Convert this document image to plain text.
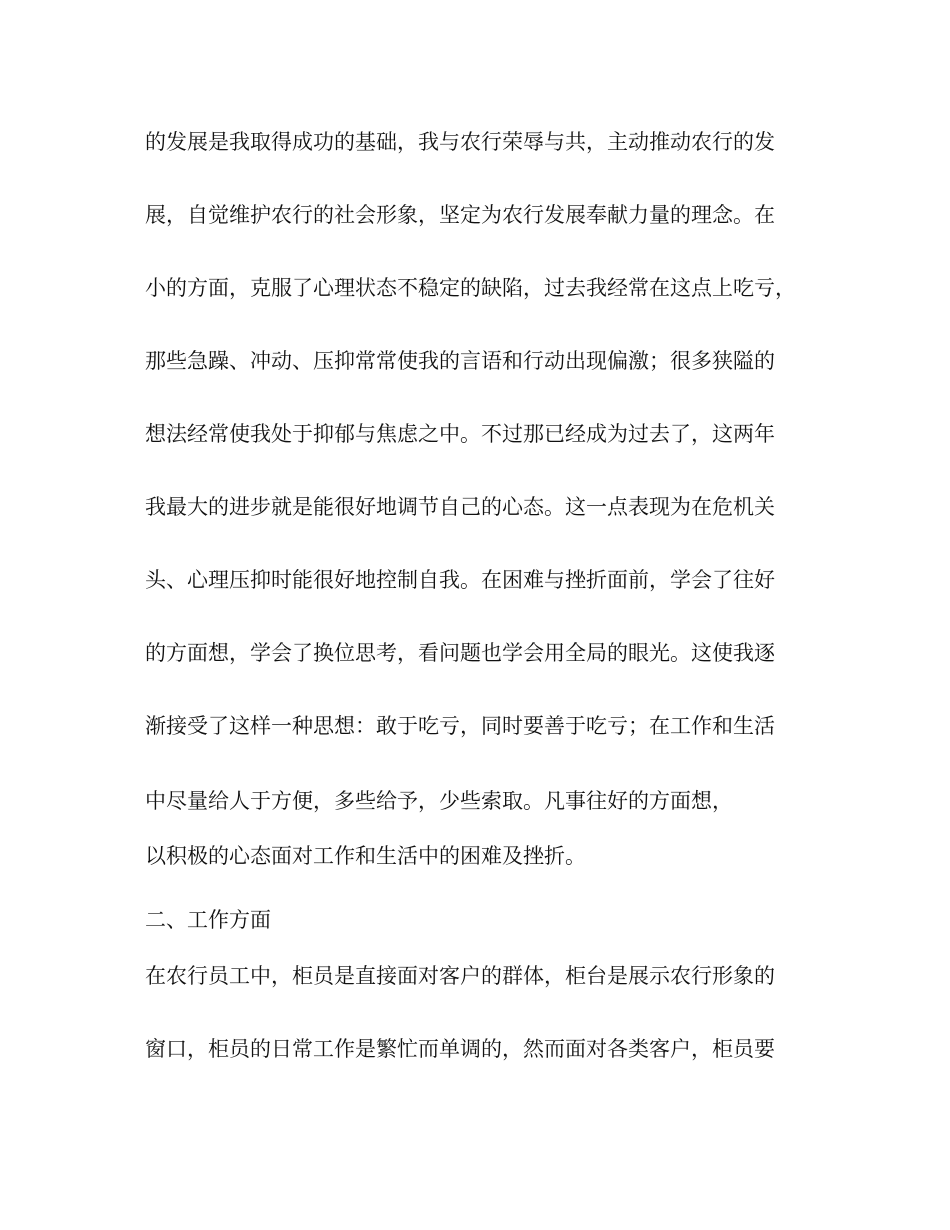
的发展是我取得成功的基础，我与农行荣辱与共，主动推动农行的发
展，自觉维护农行的社会形象，坚定为农行发展奉献力量的理念。在
小的方面，克服了心理状态不稳定的缺陷，过去我经常在这点上吃亏，
那些急躁、冲动、压抑常常使我的言语和行动出现偏激；很多狭隘的
想法经常使我处于抑郁与焦虑之中。不过那已经成为过去了，这两年
我最大的进步就是能很好地调节自己的心态。这一点表现为在危机关
头、心理压抑时能很好地控制自我。在困难与挫折面前，学会了往好
的方面想，学会了换位思考，看问题也学会用全局的眼光。这使我逐
渐接受了这样一种思想：敢于吃亏，同时要善于吃亏；在工作和生活
中尽量给人于方便，多些给予，少些索取。凡事往好的方面想，
以积极的心态面对工作和生活中的困难及挫折。
二、工作方面
在农行员工中，柜员是直接面对客户的群体，柜台是展示农行形象的
窗口，柜员的日常工作是繁忙而单调的，然而面对各类客户，柜员要
